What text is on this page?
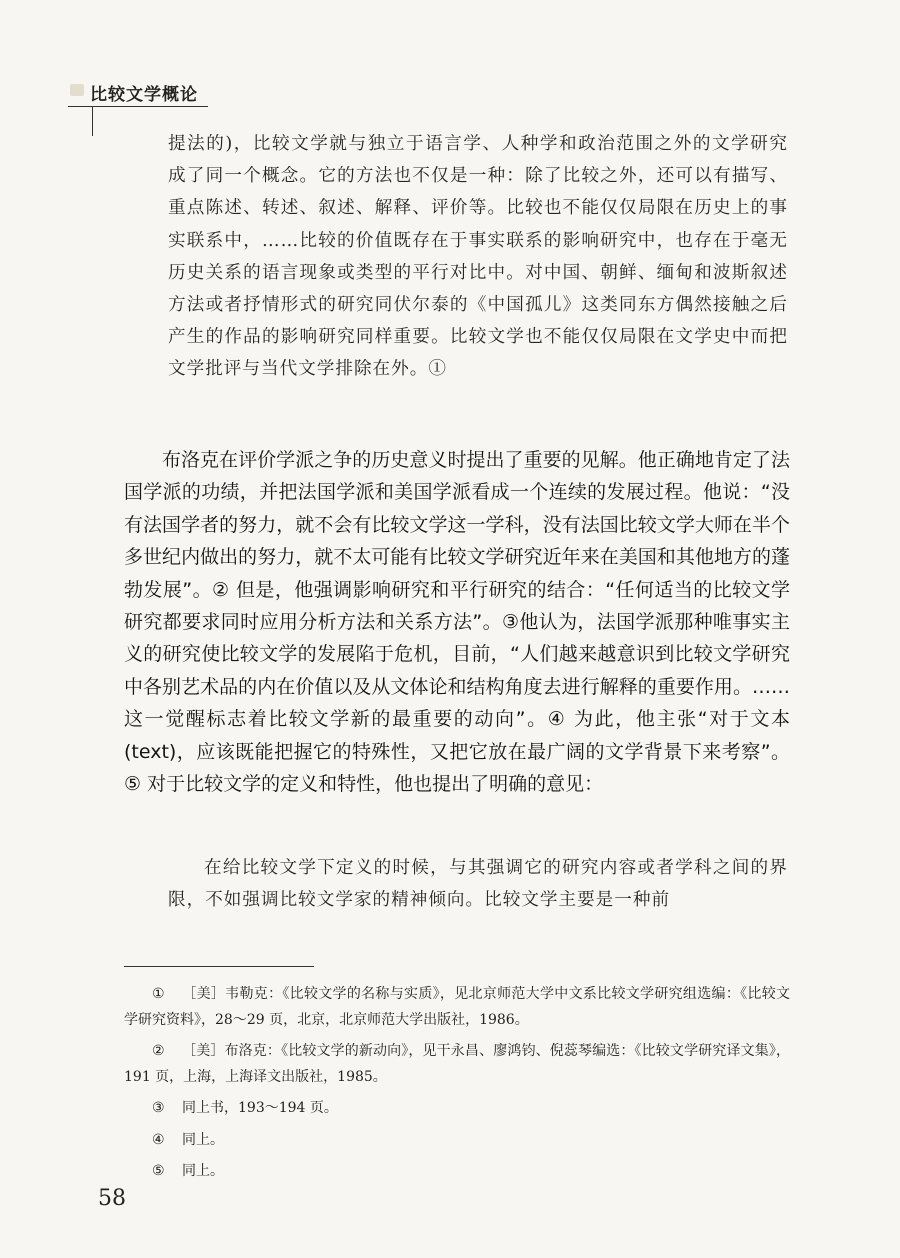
比较文学概论

提法的)，比较文学就与独立于语言学、人种学和政治范围之外的文学研究成了同一个概念。它的方法也不仅是一种：除了比较之外，还可以有描写、重点陈述、转述、叙述、解释、评价等。比较也不能仅仅局限在历史上的事实联系中，……比较的价值既存在于事实联系的影响研究中，也存在于毫无历史关系的语言现象或类型的平行对比中。对中国、朝鲜、缅甸和波斯叙述方法或者抒情形式的研究同伏尔泰的《中国孤儿》这类同东方偶然接触之后产生的作品的影响研究同样重要。比较文学也不能仅仅局限在文学史中而把文学批评与当代文学排除在外。①

布洛克在评价学派之争的历史意义时提出了重要的见解。他正确地肯定了法国学派的功绩，并把法国学派和美国学派看成一个连续的发展过程。他说：“没有法国学者的努力，就不会有比较文学这一学科，没有法国比较文学大师在半个多世纪内做出的努力，就不太可能有比较文学研究近年来在美国和其他地方的蓬勃发展”。② 但是，他强调影响研究和平行研究的结合：“任何适当的比较文学研究都要求同时应用分析方法和关系方法”。③他认为，法国学派那种唯事实主义的研究使比较文学的发展陷于危机，目前，“人们越来越意识到比较文学研究中各别艺术品的内在价值以及从文体论和结构角度去进行解释的重要作用。……这一觉醒标志着比较文学新的最重要的动向”。④ 为此，他主张“对于文本(text)，应该既能把握它的特殊性，又把它放在最广阔的文学背景下来考察”。⑤ 对于比较文学的定义和特性，他也提出了明确的意见：

在给比较文学下定义的时候，与其强调它的研究内容或者学科之间的界限，不如强调比较文学家的精神倾向。比较文学主要是一种前

① ［美］韦勒克：《比较文学的名称与实质》，见北京师范大学中文系比较文学研究组选编：《比较文学研究资料》，28～29 页，北京，北京师范大学出版社，1986。

② ［美］布洛克：《比较文学的新动向》，见干永昌、廖鸿钧、倪蕊琴编选：《比较文学研究译文集》，191 页，上海，上海译文出版社，1985。

③ 同上书，193～194 页。

④ 同上。

⑤ 同上。

58
